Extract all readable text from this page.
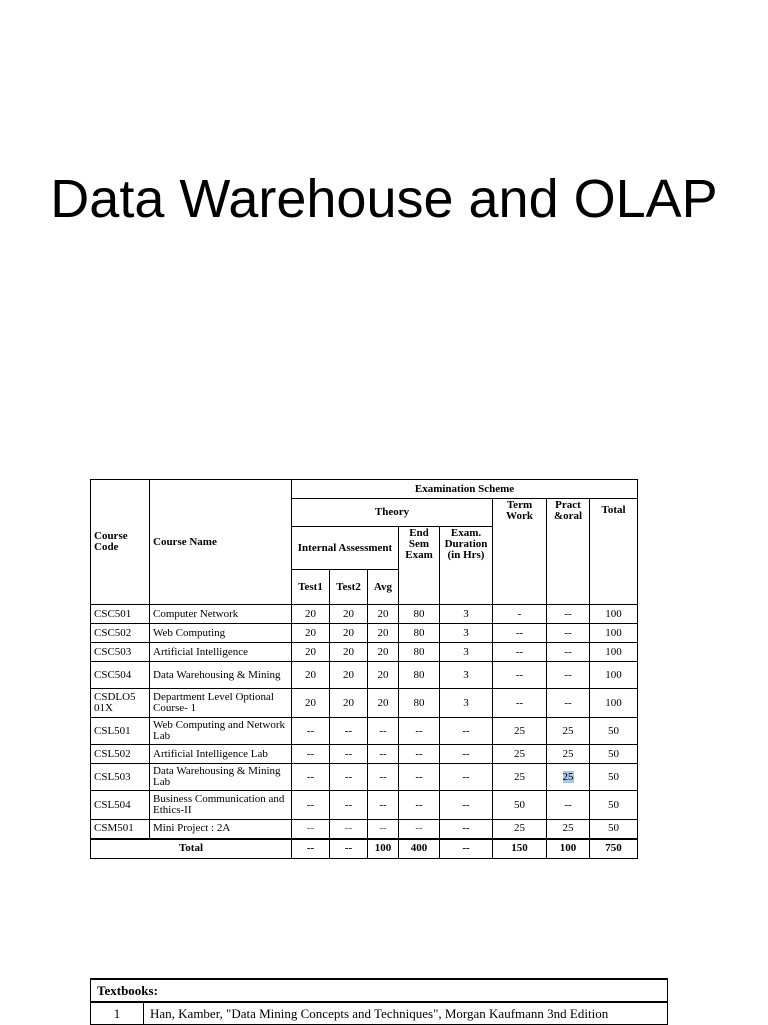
Data Warehouse and OLAP
Course Code	Course Name	Examination Scheme							
		Theory					Term Work	Pract &oral	Total
		Internal Assessment			End Sem Exam	Exam. Duration (in Hrs)			
		Test1	Test2	Avg					
CSC501	Computer Network	20	20	20	80	3	-	--	100
CSC502	Web Computing	20	20	20	80	3	--	--	100
CSC503	Artificial Intelligence	20	20	20	80	3	--	--	100
CSC504	Data Warehousing & Mining	20	20	20	80	3	--	--	100
CSDLO5 01X	Department Level Optional Course- 1	20	20	20	80	3	--	--	100
CSL501	Web Computing and Network Lab	--	--	--	--	--	25	25	50
CSL502	Artificial Intelligence Lab	--	--	--	--	--	25	25	50
CSL503	Data Warehousing & Mining Lab	--	--	--	--	--	25	25	50
CSL504	Business Communication and Ethics-II	--	--	--	--	--	50	--	50
CSM501	Mini Project : 2A	--	--	--	--	--	25	25	50
Total		--	--	100	400	--	150	100	750
Textbooks:
1	Han, Kamber, "Data Mining Concepts and Techniques", Morgan Kaufmann 3nd Edition
